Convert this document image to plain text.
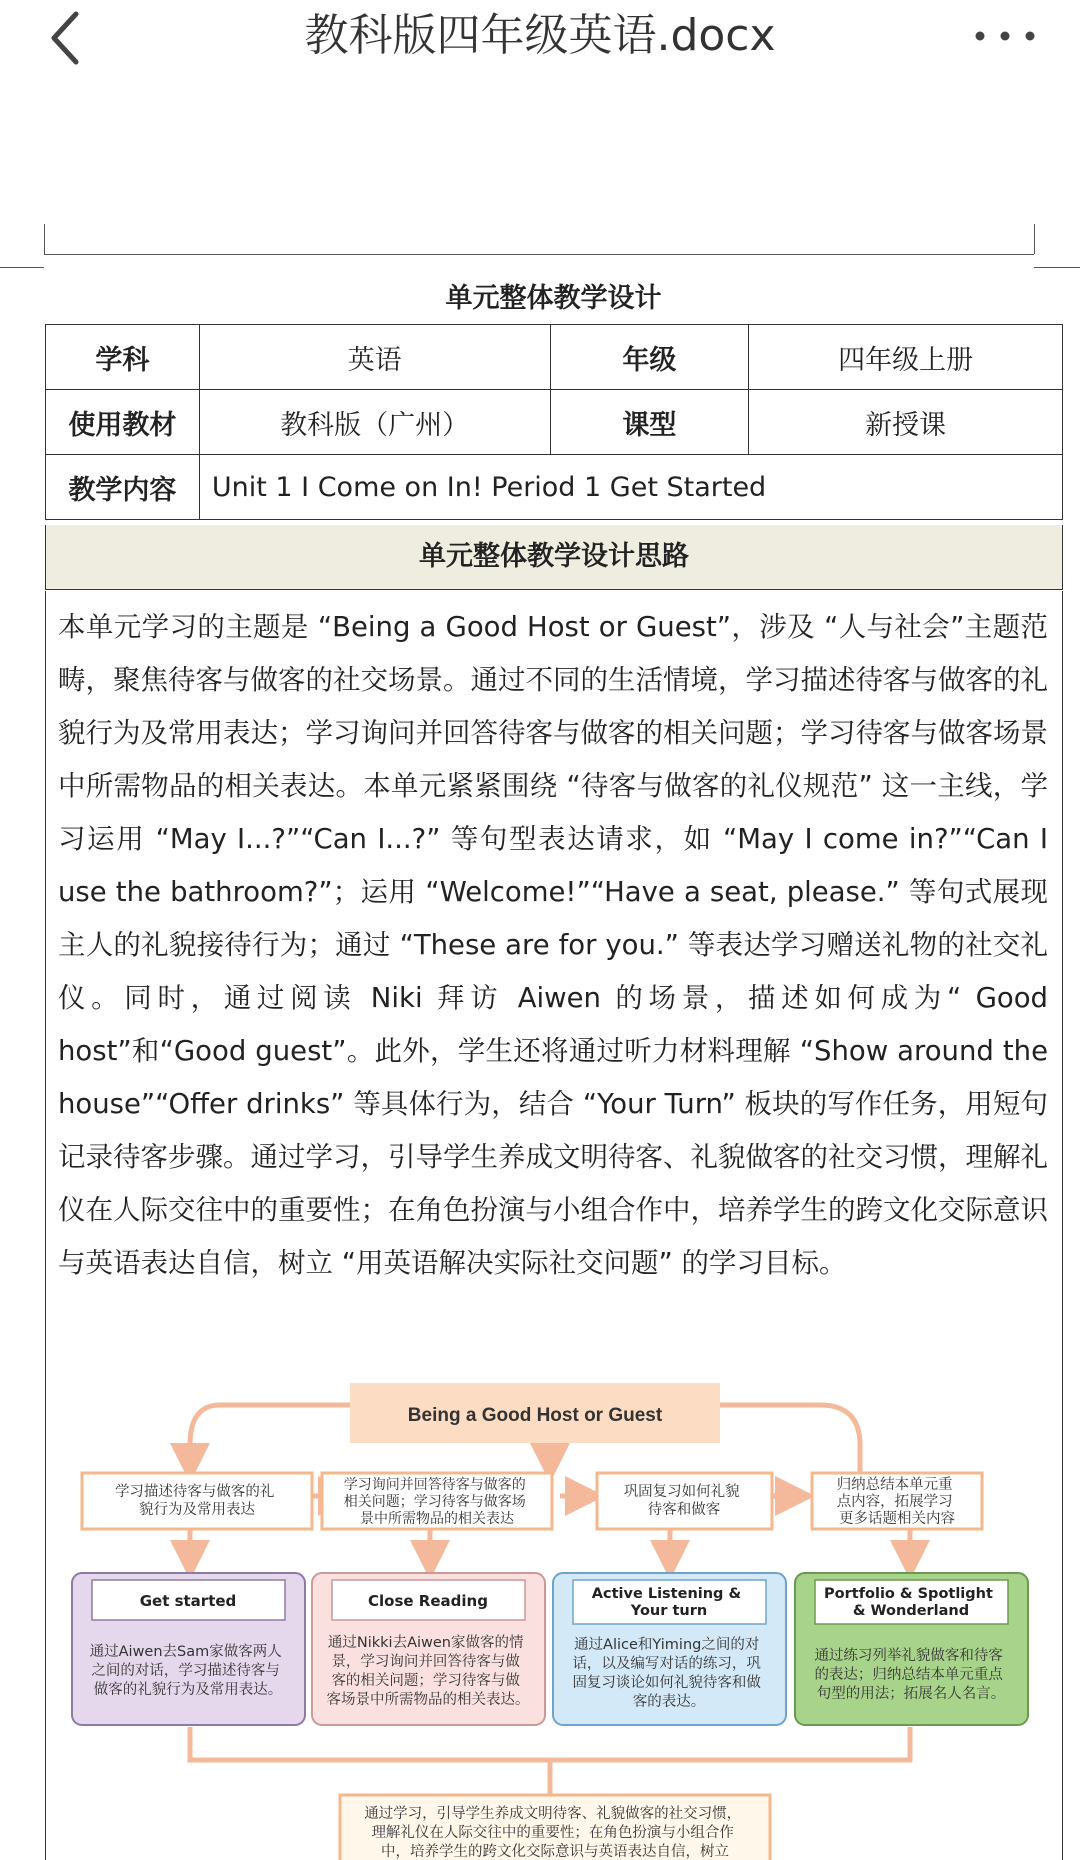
教科版四年级英语.docx
单元整体教学设计
学科	英语	年级	四年级上册
使用教材	教科版（广州）	课型	新授课
教学内容	Unit 1 I Come on In! Period 1 Get Started		
单元整体教学设计思路
本单元学习的主题是 “Being a Good Host or Guest”，涉及 “人与社会”主题范畴，聚焦待客与做客的社交场景。通过不同的生活情境，学习描述待客与做客的礼貌行为及常用表达；学习询问并回答待客与做客的相关问题；学习待客与做客场景中所需物品的相关表达。本单元紧紧围绕 “待客与做客的礼仪规范” 这一主线，学习运用 “May I...?”“Can I...?” 等句型表达请求，如 “May I come in?”“Can I use the bathroom?”；运用 “Welcome!”“Have a seat, please.” 等句式展现主人的礼貌接待行为；通过 “These are for you.” 等表达学习赠送礼物的社交礼仪。同时，通过阅读 Niki 拜访 Aiwen 的场景，描述如何成为“ Good host”和“Good guest”。此外，学生还将通过听力材料理解 “Show around the house”“Offer drinks” 等具体行为，结合 “Your Turn” 板块的写作任务，用短句记录待客步骤。通过学习，引导学生养成文明待客、礼貌做客的社交习惯，理解礼仪在人际交往中的重要性；在角色扮演与小组合作中，培养学生的跨文化交际意识与英语表达自信，树立 “用英语解决实际社交问题” 的学习目标。
Being a Good Host or Guest
学习描述待客与做客的礼 貌行为及常用表达
学习询问并回答待客与做客的 相关问题；学习待客与做客场 景中所需物品的相关表达
巩固复习如何礼貌 待客和做客
归纳总结本单元重 点内容，拓展学习 更多话题相关内容
Get started
通过Aiwen去Sam家做客两人 之间的对话，学习描述待客与 做客的礼貌行为及常用表达。
Close Reading
通过Nikki去Aiwen家做客的情 景，学习询问并回答待客与做 客的相关问题；学习待客与做 客场景中所需物品的相关表达。
Active Listening & Your turn
通过Alice和Yiming之间的对 话，以及编写对话的练习，巩 固复习谈论如何礼貌待客和做 客的表达。
Portfolio & Spotlight & Wonderland
通过练习列举礼貌做客和待客 的表达；归纳总结本单元重点 句型的用法；拓展名人名言。
通过学习，引导学生养成文明待客、礼貌做客的社交习惯， 理解礼仪在人际交往中的重要性；在角色扮演与小组合作 中，培养学生的跨文化交际意识与英语表达自信，树立
